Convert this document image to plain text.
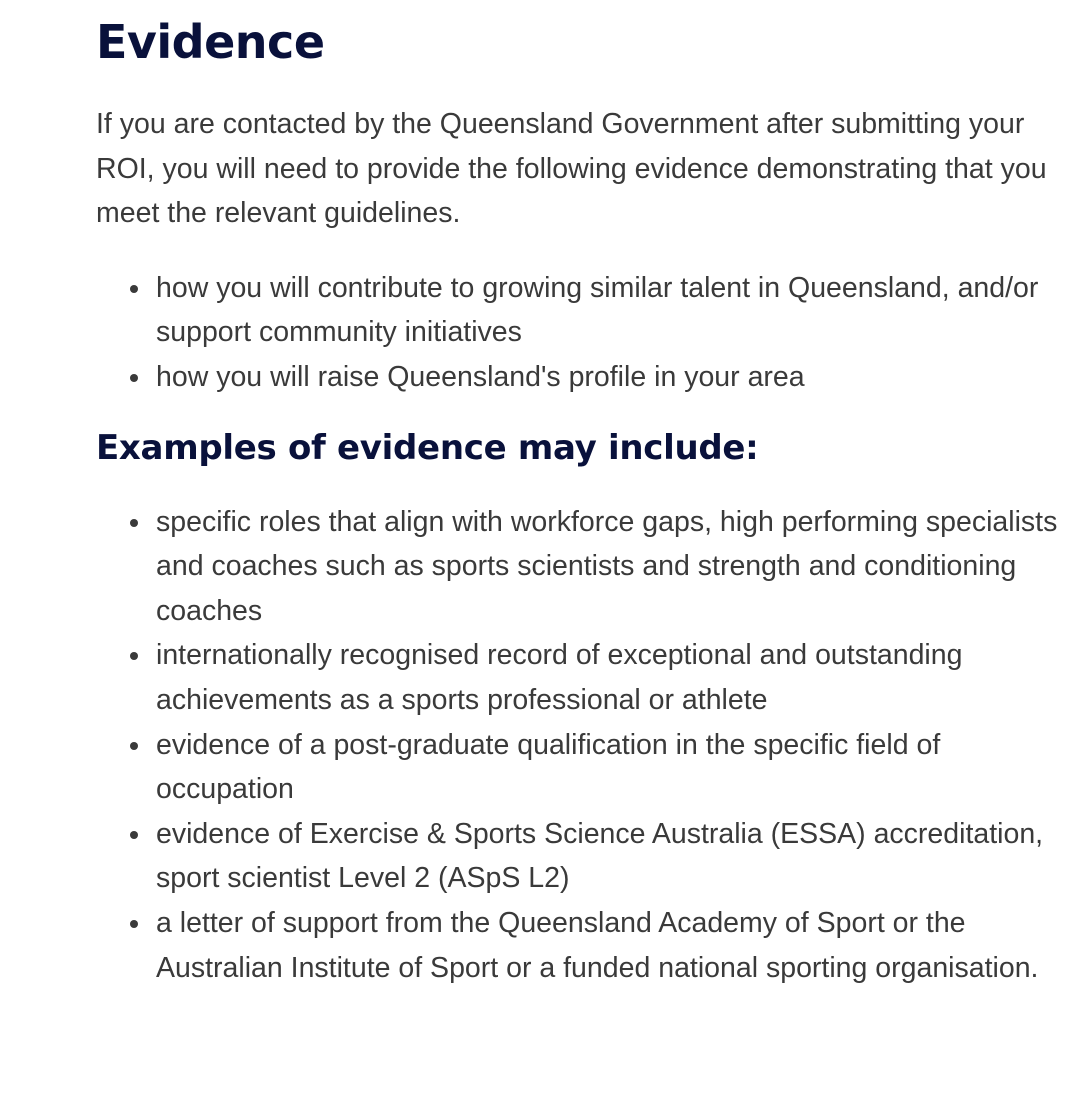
Evidence

If you are contacted by the Queensland Government after submitting your ROI, you will need to provide the following evidence demonstrating that you meet the relevant guidelines.

how you will contribute to growing similar talent in Queensland, and/or support community initiatives
how you will raise Queensland's profile in your area
Examples of evidence may include:
specific roles that align with workforce gaps, high performing specialists and coaches such as sports scientists and strength and conditioning coaches
internationally recognised record of exceptional and outstanding achievements as a sports professional or athlete
evidence of a post-graduate qualification in the specific field of occupation
evidence of Exercise & Sports Science Australia (ESSA) accreditation, sport scientist Level 2 (ASpS L2)
a letter of support from the Queensland Academy of Sport or the Australian Institute of Sport or a funded national sporting organisation.
